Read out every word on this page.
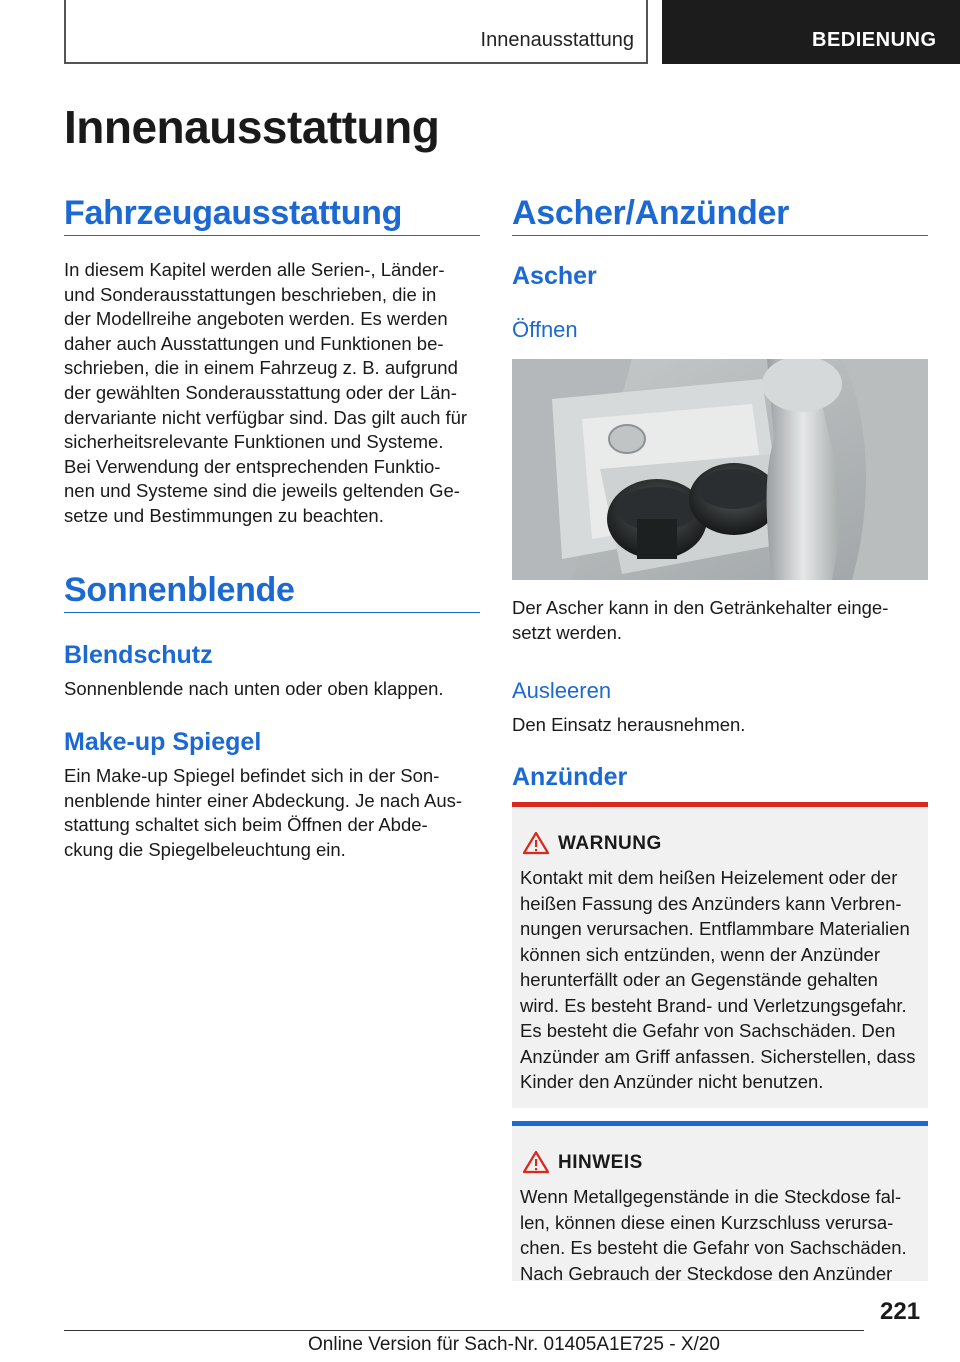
Innenausstattung	BEDIENUNG
Innenausstattung
Fahrzeugausstattung
In diesem Kapitel werden alle Serien-, Länder-
und Sonderausstattungen beschrieben, die in
der Modellreihe angeboten werden. Es werden
daher auch Ausstattungen und Funktionen be-
schrieben, die in einem Fahrzeug z. B. aufgrund
der gewählten Sonderausstattung oder der Län-
dervariante nicht verfügbar sind. Das gilt auch für
sicherheitsrelevante Funktionen und Systeme.
Bei Verwendung der entsprechenden Funktio-
nen und Systeme sind die jeweils geltenden Ge-
setze und Bestimmungen zu beachten.
Sonnenblende
Blendschutz

Sonnenblende nach unten oder oben klappen.

Make-up Spiegel
Ein Make-up Spiegel befindet sich in der Son-
nenblende hinter einer Abdeckung. Je nach Aus-
stattung schaltet sich beim Öffnen der Abde-
ckung die Spiegelbeleuchtung ein.
Ascher/Anzünder
Ascher
Öffnen
Der Ascher kann in den Getränkehalter einge-
setzt werden.
Ausleeren

Den Einsatz herausnehmen.

Anzünder
WARNUNG
Kontakt mit dem heißen Heizelement oder der
heißen Fassung des Anzünders kann Verbren-
nungen verursachen. Entflammbare Materialien
können sich entzünden, wenn der Anzünder
herunterfällt oder an Gegenstände gehalten
wird. Es besteht Brand- und Verletzungsgefahr.
Es besteht die Gefahr von Sachschäden. Den
Anzünder am Griff anfassen. Sicherstellen, dass
Kinder den Anzünder nicht benutzen.
HINWEIS
Wenn Metallgegenstände in die Steckdose fal-
len, können diese einen Kurzschluss verursa-
chen. Es besteht die Gefahr von Sachschäden.
Nach Gebrauch der Steckdose den Anzünder
221
Online Version für Sach-Nr. 01405A1E725 - X/20
